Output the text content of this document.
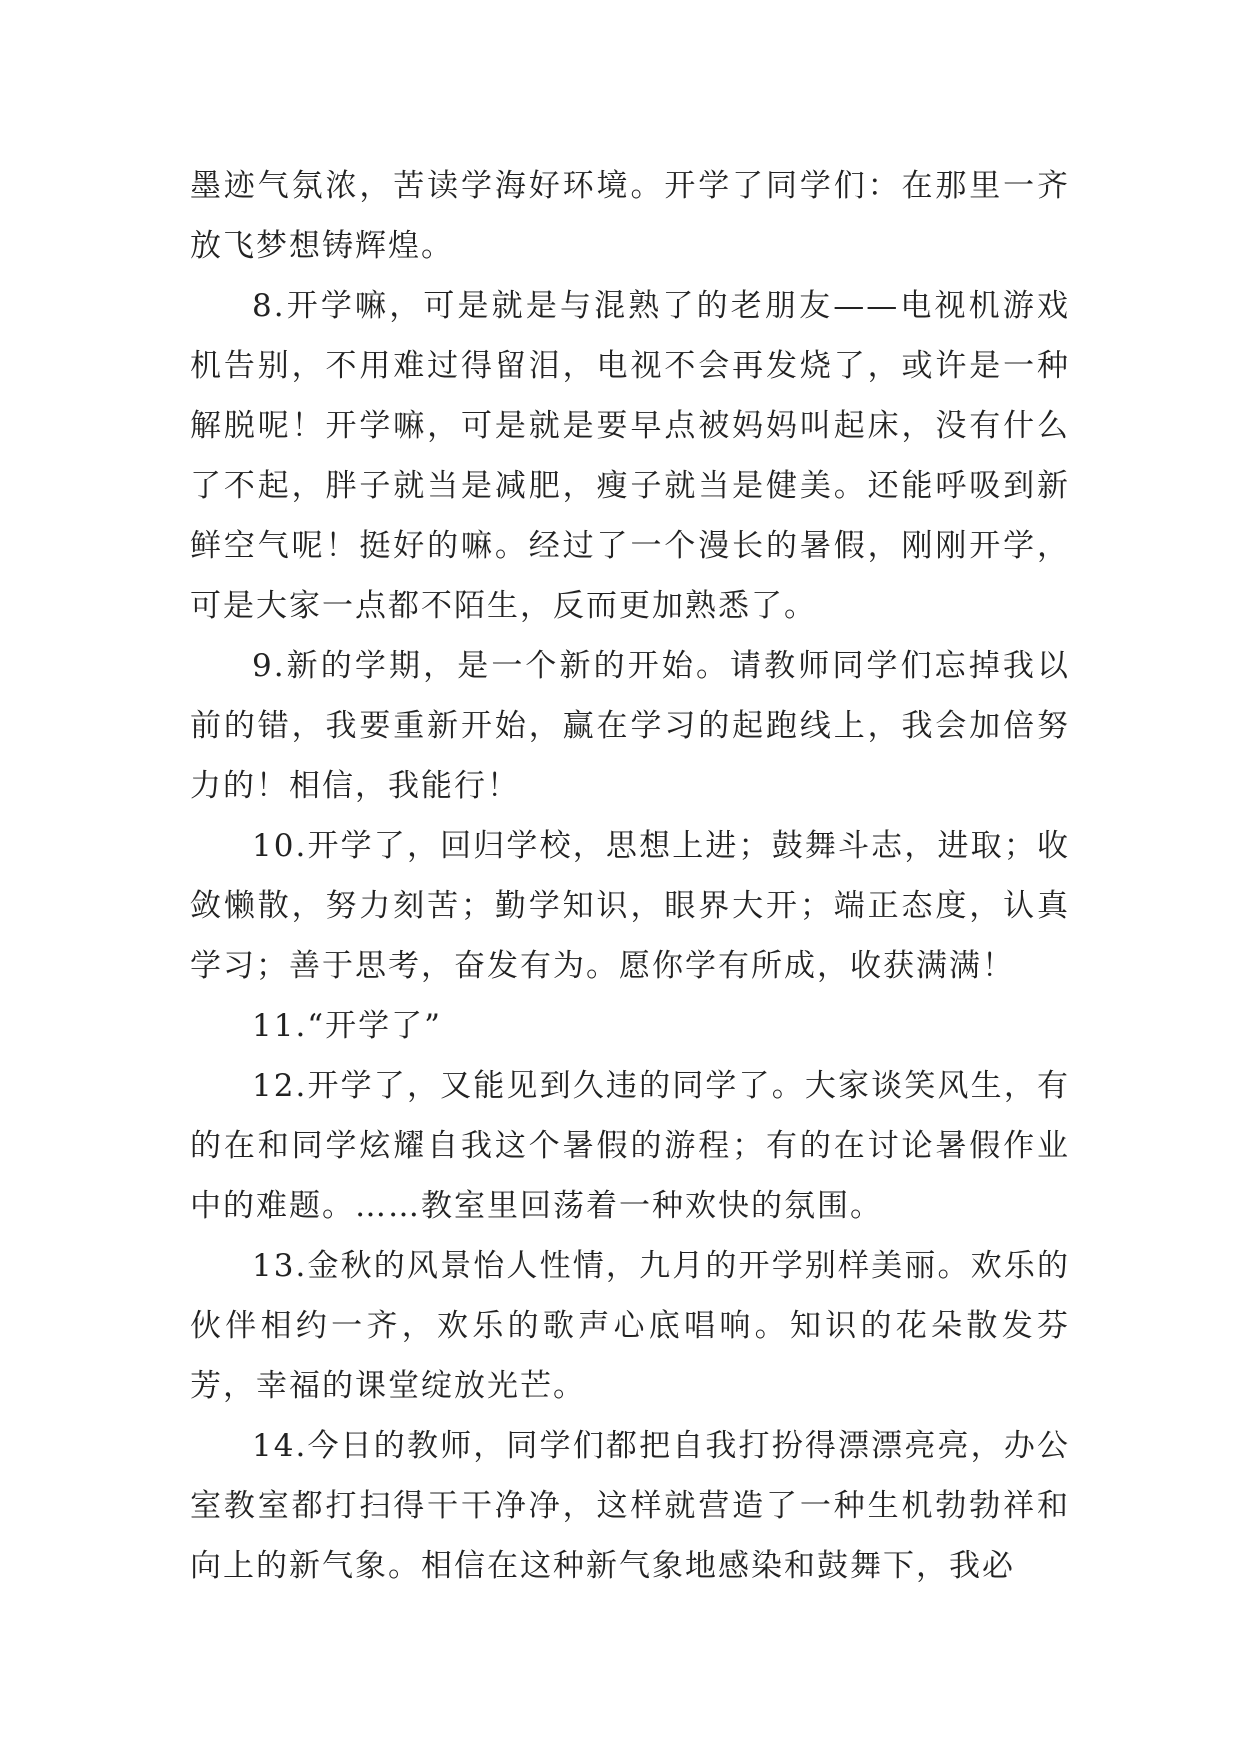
墨迹气氛浓，苦读学海好环境。开学了同学们：在那里一齐放飞梦想铸辉煌。

8.开学嘛，可是就是与混熟了的老朋友——电视机游戏机告别，不用难过得留泪，电视不会再发烧了，或许是一种解脱呢！开学嘛，可是就是要早点被妈妈叫起床，没有什么了不起，胖子就当是减肥，瘦子就当是健美。还能呼吸到新鲜空气呢！挺好的嘛。经过了一个漫长的暑假，刚刚开学，可是大家一点都不陌生，反而更加熟悉了。

9.新的学期，是一个新的开始。请教师同学们忘掉我以前的错，我要重新开始，赢在学习的起跑线上，我会加倍努力的！相信，我能行！

10.开学了，回归学校，思想上进；鼓舞斗志，进取；收敛懒散，努力刻苦；勤学知识，眼界大开；端正态度，认真学习；善于思考，奋发有为。愿你学有所成，收获满满！

11.“开学了”

12.开学了，又能见到久违的同学了。大家谈笑风生，有的在和同学炫耀自我这个暑假的游程；有的在讨论暑假作业中的难题。……教室里回荡着一种欢快的氛围。

13.金秋的风景怡人性情，九月的开学别样美丽。欢乐的伙伴相约一齐，欢乐的歌声心底唱响。知识的花朵散发芬芳，幸福的课堂绽放光芒。

14.今日的教师，同学们都把自我打扮得漂漂亮亮，办公室教室都打扫得干干净净，这样就营造了一种生机勃勃祥和向上的新气象。相信在这种新气象地感染和鼓舞下，我必
